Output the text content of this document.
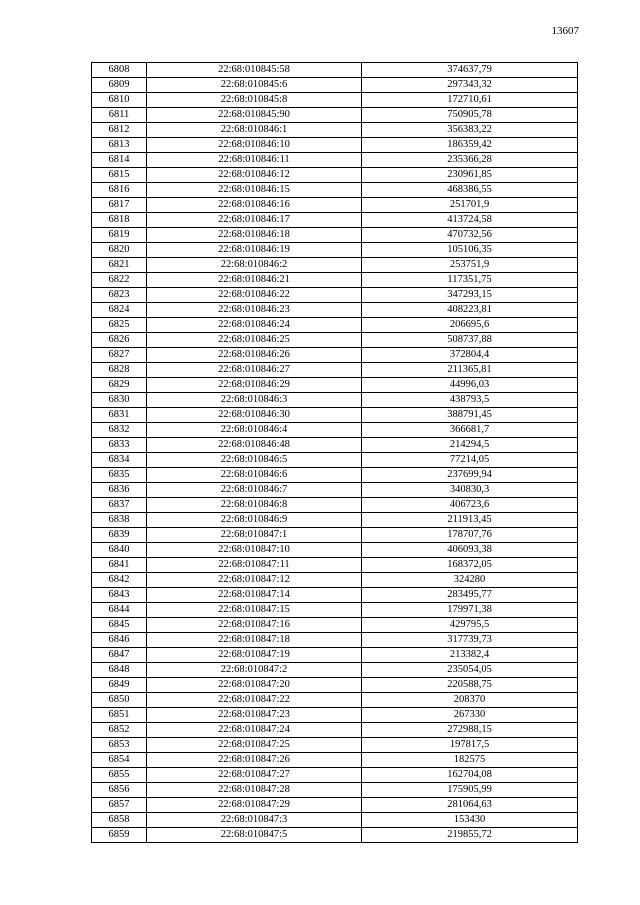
13607
6808	22:68:010845:58	374637,79
6809	22:68:010845:6	297343,32
6810	22:68:010845:8	172710,61
6811	22:68:010845:90	750905,78
6812	22:68:010846:1	356383,22
6813	22:68:010846:10	186359,42
6814	22:68:010846:11	235366,28
6815	22:68:010846:12	230961,85
6816	22:68:010846:15	468386,55
6817	22:68:010846:16	251701,9
6818	22:68:010846:17	413724,58
6819	22:68:010846:18	470732,56
6820	22:68:010846:19	105106,35
6821	22:68:010846:2	253751,9
6822	22:68:010846:21	117351,75
6823	22:68:010846:22	347293,15
6824	22:68:010846:23	408223,81
6825	22:68:010846:24	206695,6
6826	22:68:010846:25	508737,88
6827	22:68:010846:26	372804,4
6828	22:68:010846:27	211365,81
6829	22:68:010846:29	44996,03
6830	22:68:010846:3	438793,5
6831	22:68:010846:30	388791,45
6832	22:68:010846:4	366681,7
6833	22:68:010846:48	214294,5
6834	22:68:010846:5	77214,05
6835	22:68:010846:6	237699,94
6836	22:68:010846:7	340830,3
6837	22:68:010846:8	406723,6
6838	22:68:010846:9	211913,45
6839	22:68:010847:1	178707,76
6840	22:68:010847:10	406093,38
6841	22:68:010847:11	168372,05
6842	22:68:010847:12	324280
6843	22:68:010847:14	283495,77
6844	22:68:010847:15	179971,38
6845	22:68:010847:16	429795,5
6846	22:68:010847:18	317739,73
6847	22:68:010847:19	213382,4
6848	22:68:010847:2	235054,05
6849	22:68:010847:20	220588,75
6850	22:68:010847:22	208370
6851	22:68:010847:23	267330
6852	22:68:010847:24	272988,15
6853	22:68:010847:25	197817,5
6854	22:68:010847:26	182575
6855	22:68:010847:27	162704,08
6856	22:68:010847:28	175905,99
6857	22:68:010847:29	281064,63
6858	22:68:010847:3	153430
6859	22:68:010847:5	219855,72
